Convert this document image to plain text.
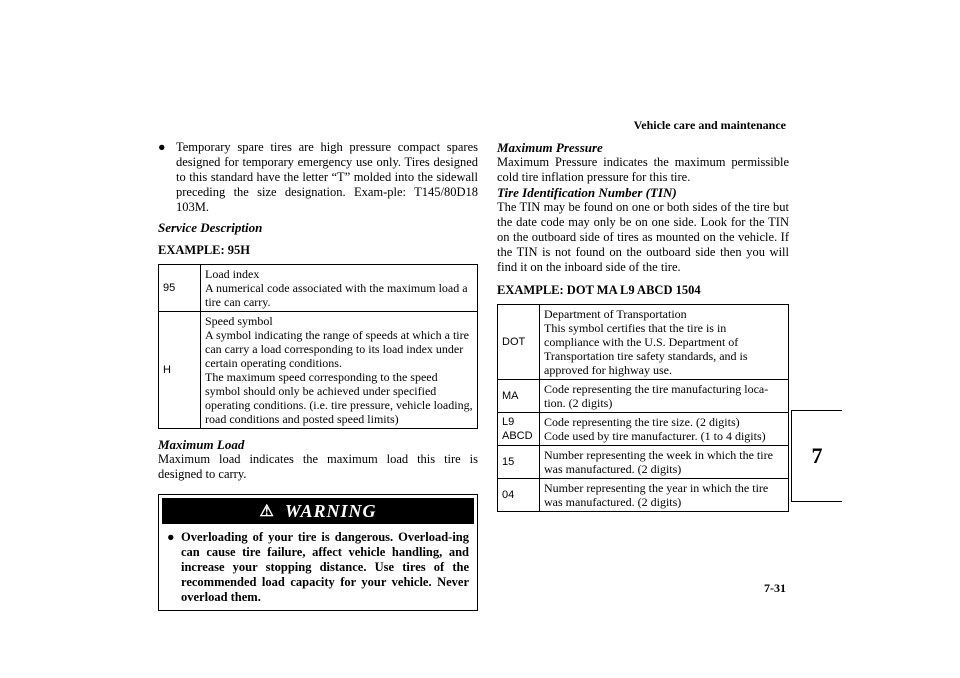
Vehicle care and maintenance
7
7-31
● Temporary spare tires are high pressure compact spares designed for temporary emergency use only. Tires designed to this standard have the letter “T” molded into the sidewall preceding the size designation. Exam-ple: T145/80D18 103M.
Service Description
EXAMPLE: 95H
95	Load index
A numerical code associated with the maximum load a tire can carry.

H	Speed symbol
A symbol indicating the range of speeds at which a tire can carry a load corresponding to its load index under certain operating conditions.
The maximum speed corresponding to the speed symbol should only be achieved under specified operating conditions. (i.e. tire pressure, vehicle loading, road conditions and posted speed limits)
Maximum Load

Maximum load indicates the maximum load this tire is designed to carry.

⚠ WARNING
● Overloading of your tire is dangerous. Overload-ing can cause tire failure, affect vehicle handling, and increase your stopping distance. Use tires of the recommended load capacity for your vehicle. Never overload them.
Maximum Pressure

Maximum Pressure indicates the maximum permissible cold tire inflation pressure for this tire.

Tire Identification Number (TIN)

The TIN may be found on one or both sides of the tire but the date code may only be on one side. Look for the TIN on the outboard side of tires as mounted on the vehicle. If the TIN is not found on the outboard side then you will find it on the inboard side of the tire.

EXAMPLE: DOT MA L9 ABCD 1504
DOT	Department of Transportation
This symbol certifies that the tire is in compliance with the U.S. Department of Transportation tire safety standards, and is approved for highway use.

MA	Code representing the tire manufacturing loca-tion. (2 digits)

L9
ABCD	Code representing the tire size. (2 digits)
Code used by tire manufacturer. (1 to 4 digits)

15	Number representing the week in which the tire was manufactured. (2 digits)

04	Number representing the year in which the tire was manufactured. (2 digits)
